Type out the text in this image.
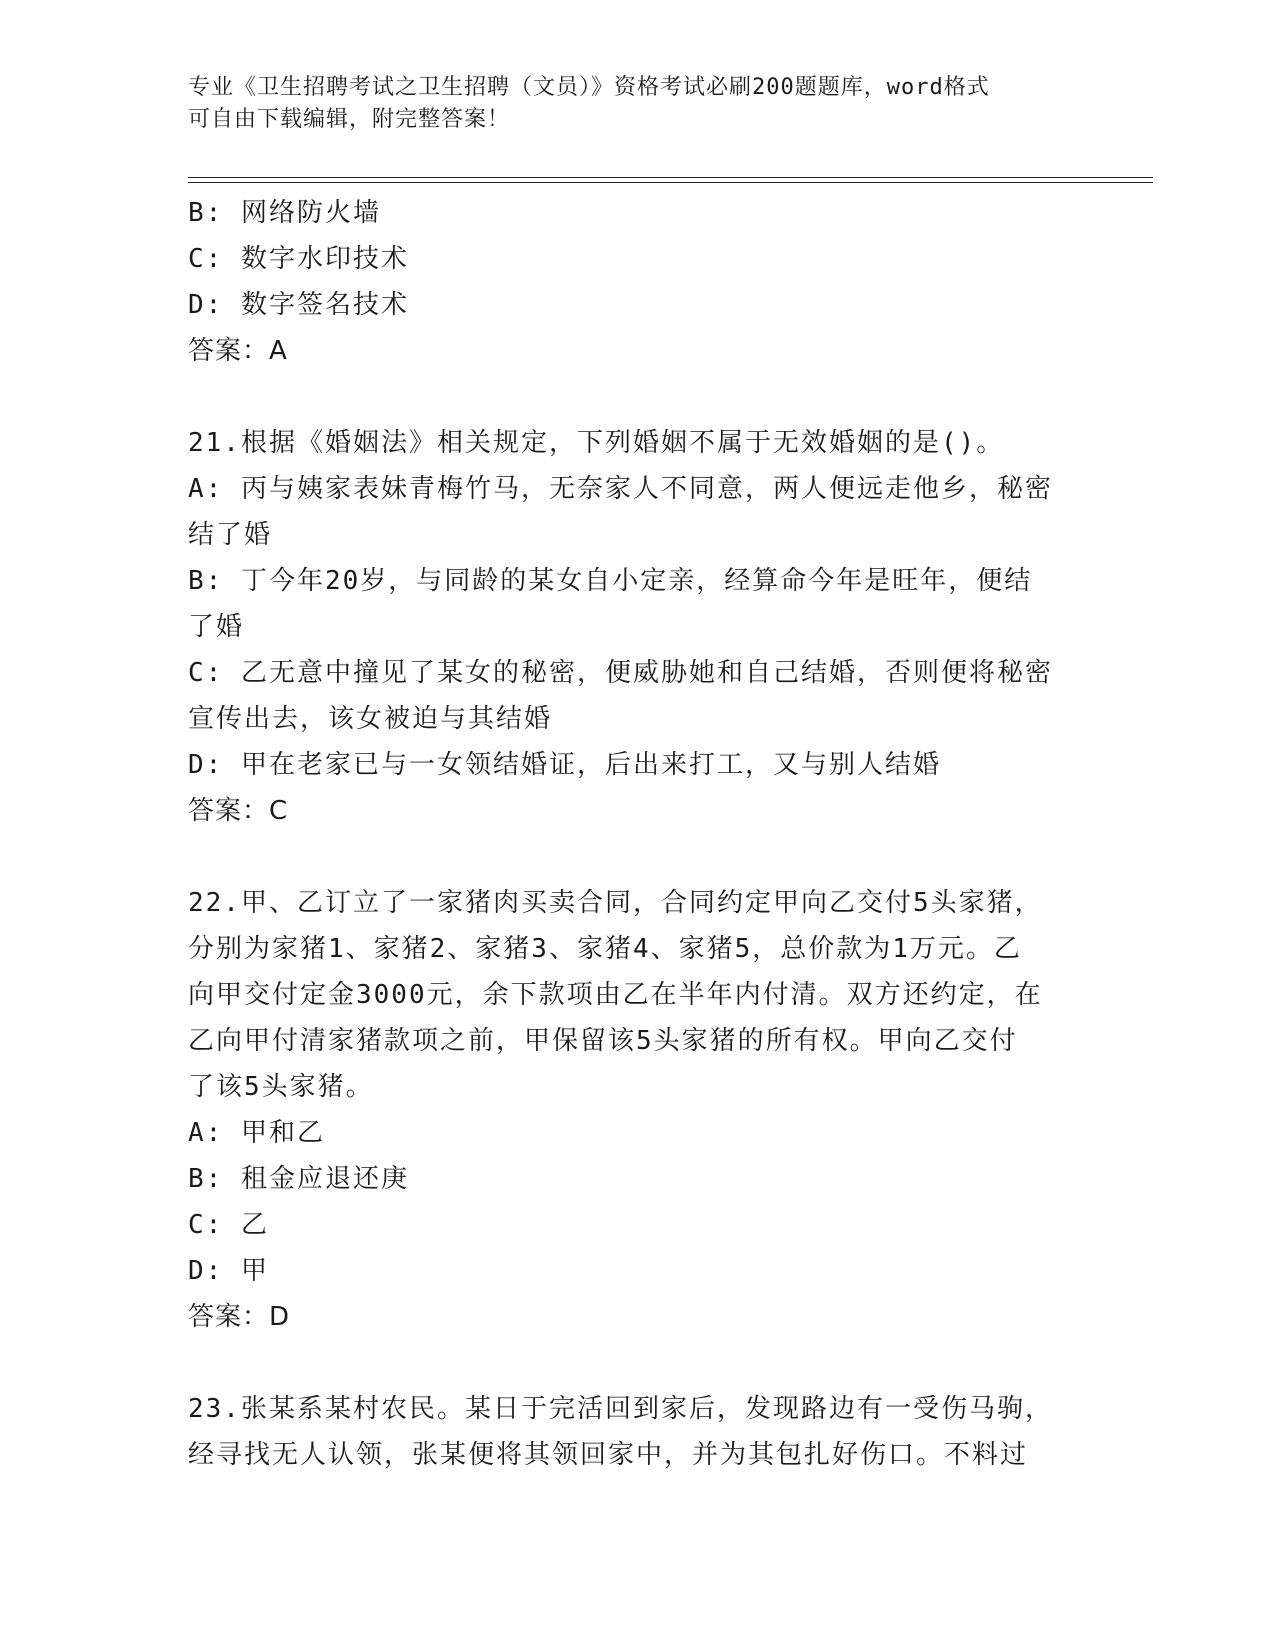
专业《卫生招聘考试之卫生招聘（文员）》资格考试必刷200题题库，word格式
可自由下载编辑，附完整答案！
B: 网络防火墙
C: 数字水印技术
D: 数字签名技术
答案：A
21.根据《婚姻法》相关规定，下列婚姻不属于无效婚姻的是()。
A: 丙与姨家表妹青梅竹马，无奈家人不同意，两人便远走他乡，秘密
结了婚
B: 丁今年20岁，与同龄的某女自小定亲，经算命今年是旺年，便结
了婚
C: 乙无意中撞见了某女的秘密，便威胁她和自己结婚，否则便将秘密
宣传出去，该女被迫与其结婚
D: 甲在老家已与一女领结婚证，后出来打工，又与别人结婚
答案：C
22.甲、乙订立了一家猪肉买卖合同，合同约定甲向乙交付5头家猪，
分别为家猪1、家猪2、家猪3、家猪4、家猪5，总价款为1万元。乙
向甲交付定金3000元，余下款项由乙在半年内付清。双方还约定，在
乙向甲付清家猪款项之前，甲保留该5头家猪的所有权。甲向乙交付
了该5头家猪。
A: 甲和乙
B: 租金应退还庚
C: 乙
D: 甲
答案：D
23.张某系某村农民。某日于完活回到家后，发现路边有一受伤马驹，
经寻找无人认领，张某便将其领回家中，并为其包扎好伤口。不料过
